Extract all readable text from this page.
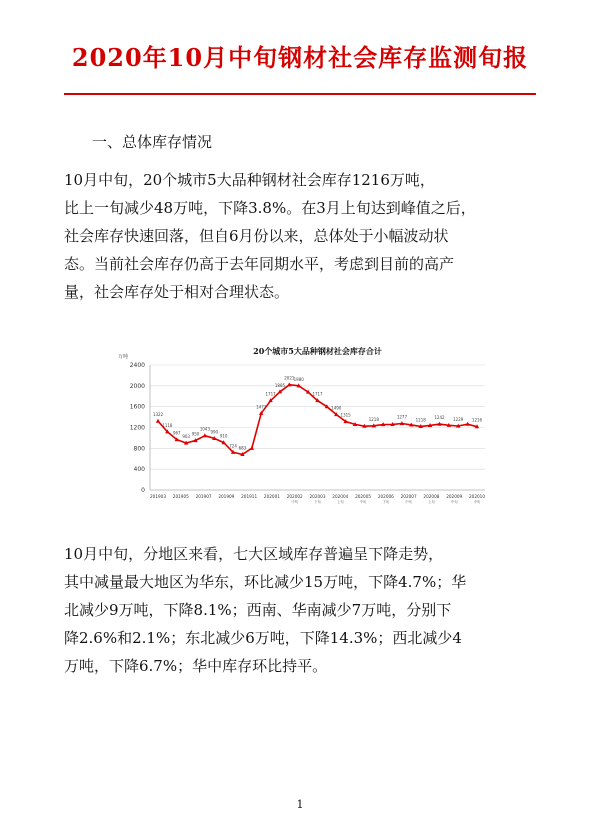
2020年10月中旬钢材社会库存监测旬报
一、总体库存情况
10月中旬，20个城市5大品种钢材社会库存1216万吨，
比上一旬减少48万吨，下降3.8%。在3月上旬达到峰值之后，
社会库存快速回落，但自6月份以来，总体处于小幅波动状
态。当前社会库存仍高于去年同期水平，考虑到目前的高产
量，社会库存处于相对合理状态。
20个城市5大品种钢材社会库存合计
万吨
0
400
800
1200
1600
2000
2400
201903 201905 201907 201909 201911 202001 202002
中旬
202003
下旬
202004
上旬
202005
中旬
202006
下旬
202007
中旬
202008
上旬
202009
中旬
202010
中旬
1322
1118
967
903 950
1043
990
910
724 683
1473
1717
1885
2021 1980
1717
1490
1315
1218	1277
1218 1242 1229 1216
10月中旬，分地区来看，七大区域库存普遍呈下降走势，
其中减量最大地区为华东，环比减少15万吨，下降4.7%；华
北减少9万吨，下降8.1%；西南、华南减少7万吨，分别下
降2.6%和2.1%；东北减少6万吨，下降14.3%；西北减少4
万吨，下降6.7%；华中库存环比持平。
1
